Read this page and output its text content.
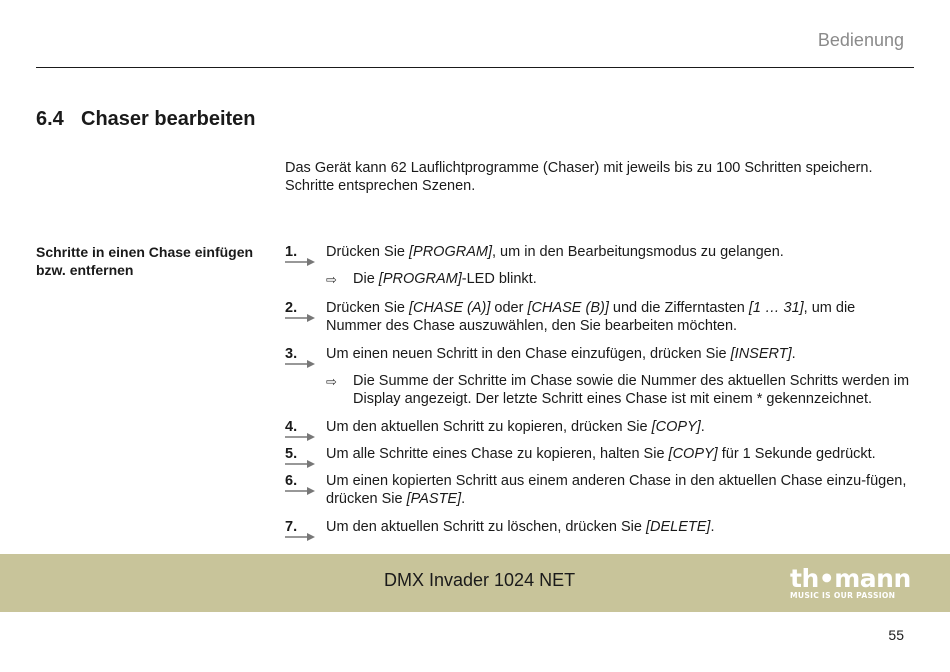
Bedienung
6.4 Chaser bearbeiten

Das Gerät kann 62 Lauflichtprogramme (Chaser) mit jeweils bis zu 100 Schritten speichern.
Schritte entsprechen Szenen.

Schritte in einen Chase einfügen
bzw. entfernen

1.	Drücken Sie [PROGRAM], um in den Bearbeitungsmodus zu gelangen.
⇨ Die [PROGRAM]-LED blinkt.
2.	Drücken Sie [CHASE (A)] oder [CHASE (B)] und die Zifferntasten [1 … 31], um die Nummer des Chase auszuwählen, den Sie bearbeiten möchten.
3.	Um einen neuen Schritt in den Chase einzufügen, drücken Sie [INSERT].
⇨ Die Summe der Schritte im Chase sowie die Nummer des aktuellen Schritts werden im Display angezeigt. Der letzte Schritt eines Chase ist mit einem * gekennzeichnet.
4.	Um den aktuellen Schritt zu kopieren, drücken Sie [COPY].
5.	Um alle Schritte eines Chase zu kopieren, halten Sie [COPY] für 1 Sekunde gedrückt.
6.	Um einen kopierten Schritt aus einem anderen Chase in den aktuellen Chase einzu-fügen, drücken Sie [PASTE].
7.	Um den aktuellen Schritt zu löschen, drücken Sie [DELETE].
DMX Invader 1024 NET	th•mann
MUSIC IS OUR PASSION
55
